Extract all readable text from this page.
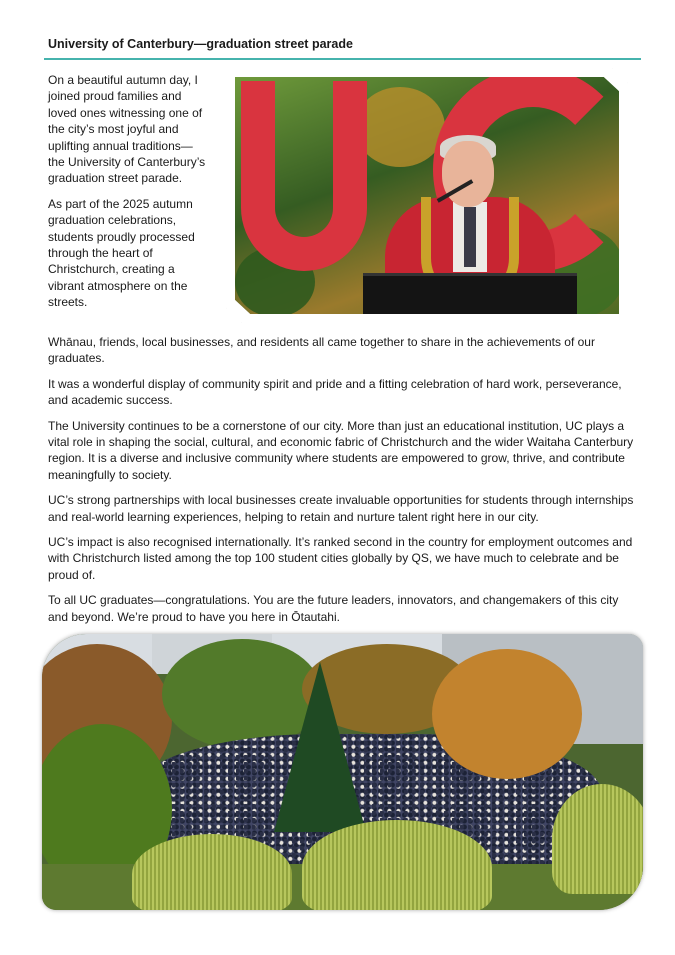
University of Canterbury—graduation street parade

On a beautiful autumn day, I joined proud families and loved ones witnessing one of the city’s most joyful and uplifting annual traditions—the University of Canterbury’s graduation street parade.

As part of the 2025 autumn graduation celebrations, students proudly processed through the heart of Christchurch, creating a vibrant atmosphere on the streets.

Whānau, friends, local businesses, and residents all came together to share in the achievements of our graduates.

It was a wonderful display of community spirit and pride and a fitting celebration of hard work, perseverance, and academic success.

The University continues to be a cornerstone of our city. More than just an educational institution, UC plays a vital role in shaping the social, cultural, and economic fabric of Christchurch and the wider Waitaha Canterbury region. It is a diverse and inclusive community where students are empowered to grow, thrive, and contribute meaningfully to society.

UC’s strong partnerships with local businesses create invaluable opportunities for students through internships and real-world learning experiences, helping to retain and nurture talent right here in our city.

UC’s impact is also recognised internationally. It’s ranked second in the country for employment outcomes and with Christchurch listed among the top 100 student cities globally by QS, we have much to celebrate and be proud of.

To all UC graduates—congratulations. You are the future leaders, innovators, and changemakers of this city and beyond. We’re proud to have you here in Ōtautahi.
